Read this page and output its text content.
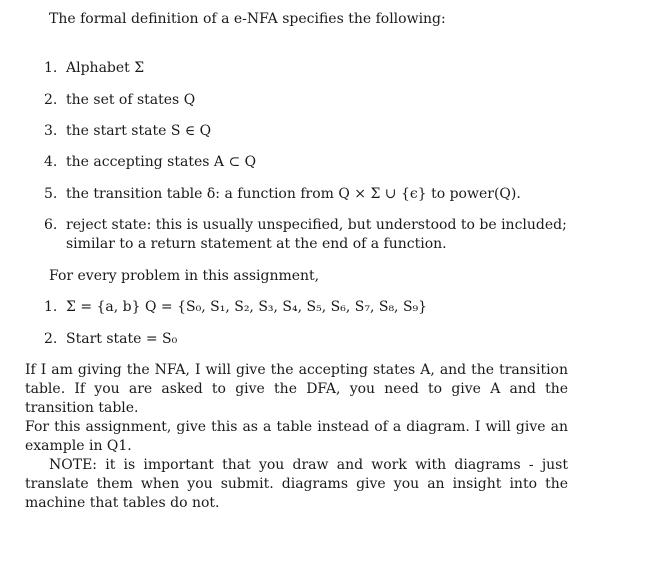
The formal definition of a e-NFA specifies the following:
1. Alphabet Σ
2. the set of states Q
3. the start state S ∈ Q
4. the accepting states A ⊂ Q
5. the transition table δ: a function from Q × Σ ∪ {ϵ} to power(Q).
6. reject state: this is usually unspecified, but understood to be included;
similar to a return statement at the end of a function.
For every problem in this assignment,
1. Σ = {a, b} Q = {S₀, S₁, S₂, S₃, S₄, S₅, S₆, S₇, S₈, S₉}
2. Start state = S₀
If I am giving the NFA, I will give the accepting states A, and the transition table. If you are asked to give the DFA, you need to give A and the transition table.
For this assignment, give this as a table instead of a diagram. I will give an example in Q1.
NOTE: it is important that you draw and work with diagrams - just translate them when you submit. diagrams give you an insight into the machine that tables do not.
